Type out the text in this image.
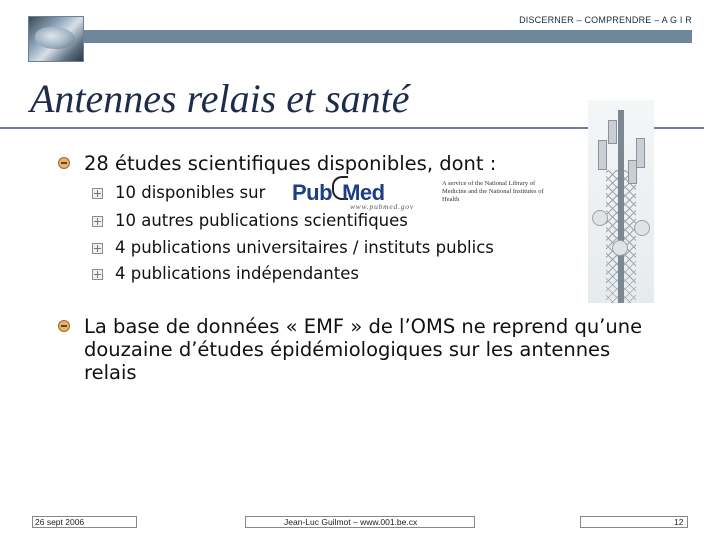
DISCERNER – COMPRENDRE – A G I R
Antennes relais et santé
28 études scientifiques disponibles, dont :
10 disponibles sur Pub Med
www.pubmed.gov
A service of the National Library of Medicine and the National Institutes of Health
10 autres publications scientifiques
4 publications universitaires / instituts publics
4 publications indépendantes
La base de données « EMF » de l’OMS ne reprend qu’une douzaine d’études épidémiologiques sur les antennes relais
26 sept 2006	Jean-Luc Guilmot – www.001.be.cx	12
